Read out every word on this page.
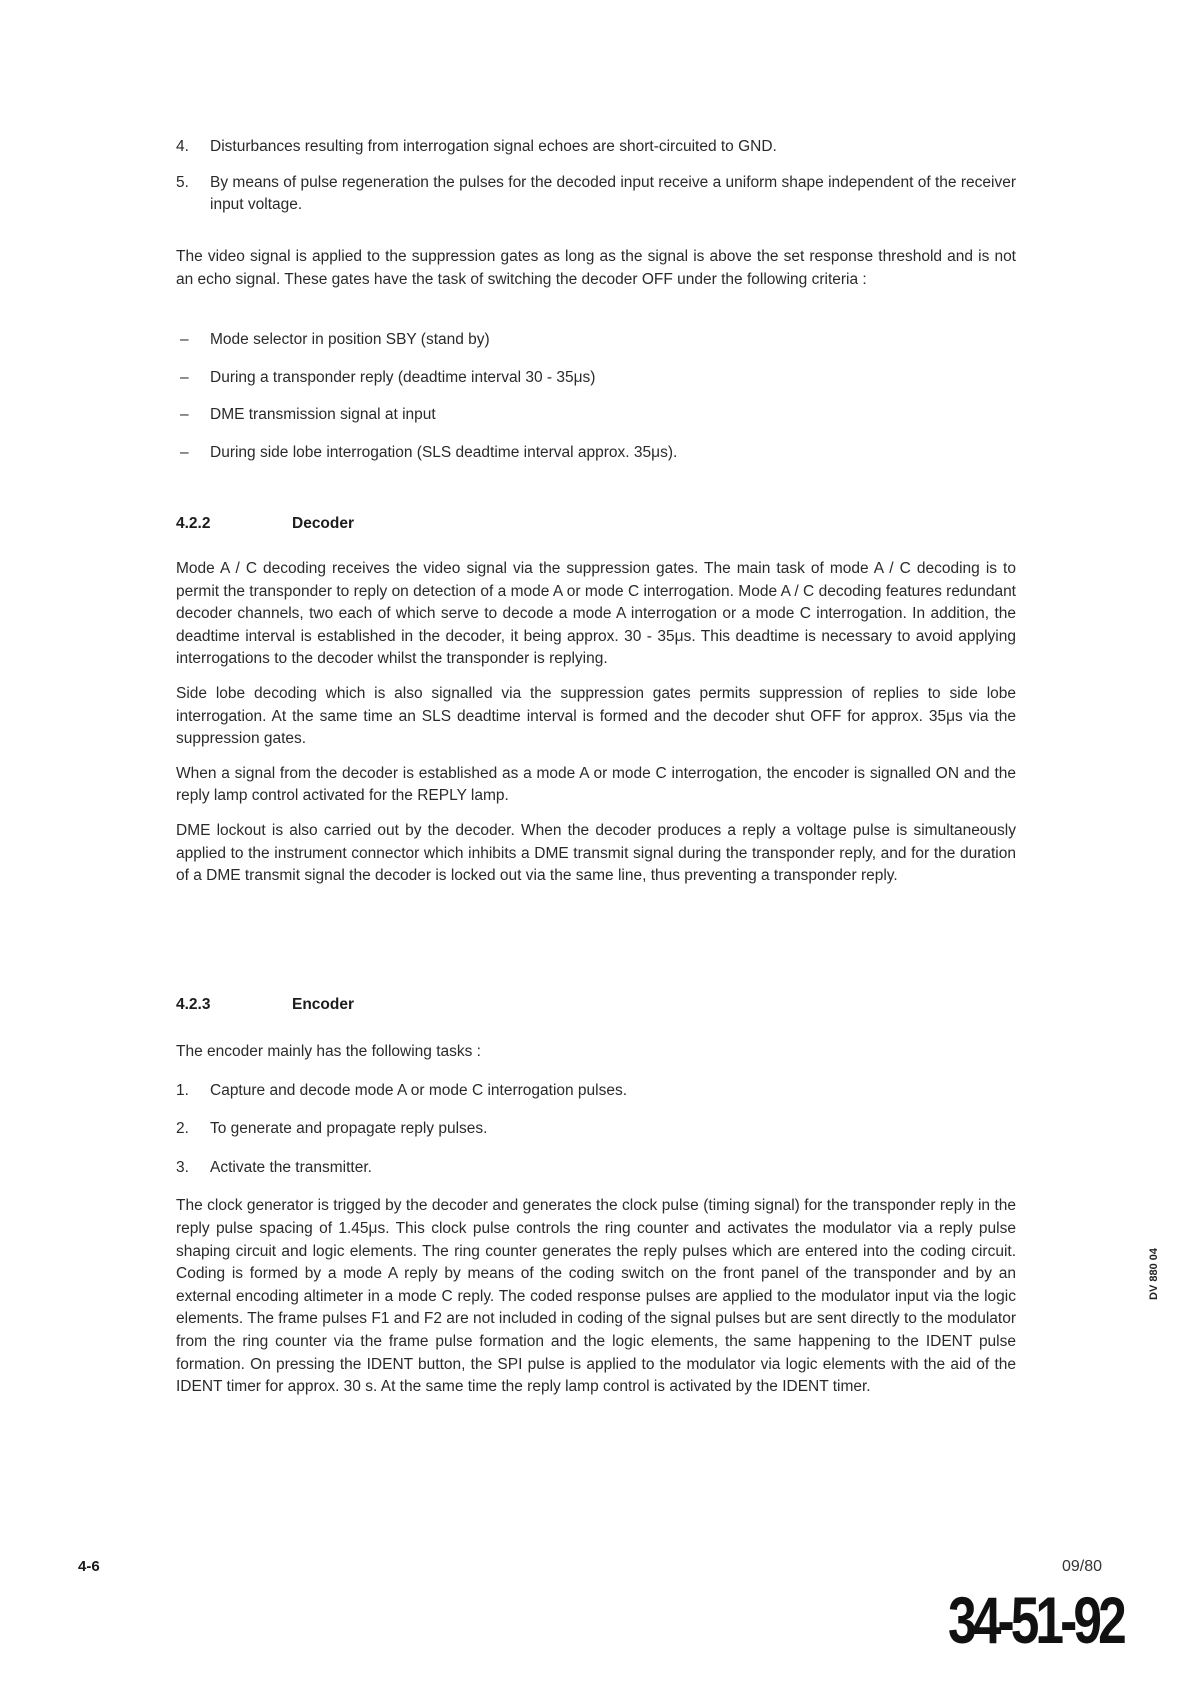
4. Disturbances resulting from interrogation signal echoes are short-circuited to GND.
5. By means of pulse regeneration the pulses for the decoded input receive a uniform shape independent of the receiver input voltage.

The video signal is applied to the suppression gates as long as the signal is above the set response threshold and is not an echo signal. These gates have the task of switching the decoder OFF under the following criteria :

– Mode selector in position SBY (stand by)
– During a transponder reply (deadtime interval 30 - 35μs)
– DME transmission signal at input
– During side lobe interrogation (SLS deadtime interval approx. 35μs).
4.2.2	Decoder

Mode A / C decoding receives the video signal via the suppression gates. The main task of mode A / C decoding is to permit the transponder to reply on detection of a mode A or mode C interrogation. Mode A / C decoding features redundant decoder channels, two each of which serve to decode a mode A interrogation or a mode C interrogation. In addition, the deadtime interval is established in the decoder, it being approx. 30 - 35μs. This deadtime is necessary to avoid applying interrogations to the decoder whilst the transponder is replying.

Side lobe decoding which is also signalled via the suppression gates permits suppression of replies to side lobe interrogation. At the same time an SLS deadtime interval is formed and the decoder shut OFF for approx. 35μs via the suppression gates.

When a signal from the decoder is established as a mode A or mode C interrogation, the encoder is signalled ON and the reply lamp control activated for the REPLY lamp.

DME lockout is also carried out by the decoder. When the decoder produces a reply a voltage pulse is simultaneously applied to the instrument connector which inhibits a DME transmit signal during the transponder reply, and for the duration of a DME transmit signal the decoder is locked out via the same line, thus preventing a transponder reply.

4.2.3	Encoder

The encoder mainly has the following tasks :

1. Capture and decode mode A or mode C interrogation pulses.
2. To generate and propagate reply pulses.
3. Activate the transmitter.

The clock generator is trigged by the decoder and generates the clock pulse (timing signal) for the transponder reply in the reply pulse spacing of 1.45μs. This clock pulse controls the ring counter and activates the modulator via a reply pulse shaping circuit and logic elements. The ring counter generates the reply pulses which are entered into the coding circuit. Coding is formed by a mode A reply by means of the coding switch on the front panel of the transponder and by an external encoding altimeter in a mode C reply. The coded response pulses are applied to the modulator input via the logic elements. The frame pulses F1 and F2 are not included in coding of the signal pulses but are sent directly to the modulator from the ring counter via the frame pulse formation and the logic elements, the same happening to the IDENT pulse formation. On pressing the IDENT button, the SPI pulse is applied to the modulator via logic elements with the aid of the IDENT timer for approx. 30 s. At the same time the reply lamp control is activated by the IDENT timer.

4-6	09/80
34-51-92
DV 880 04
